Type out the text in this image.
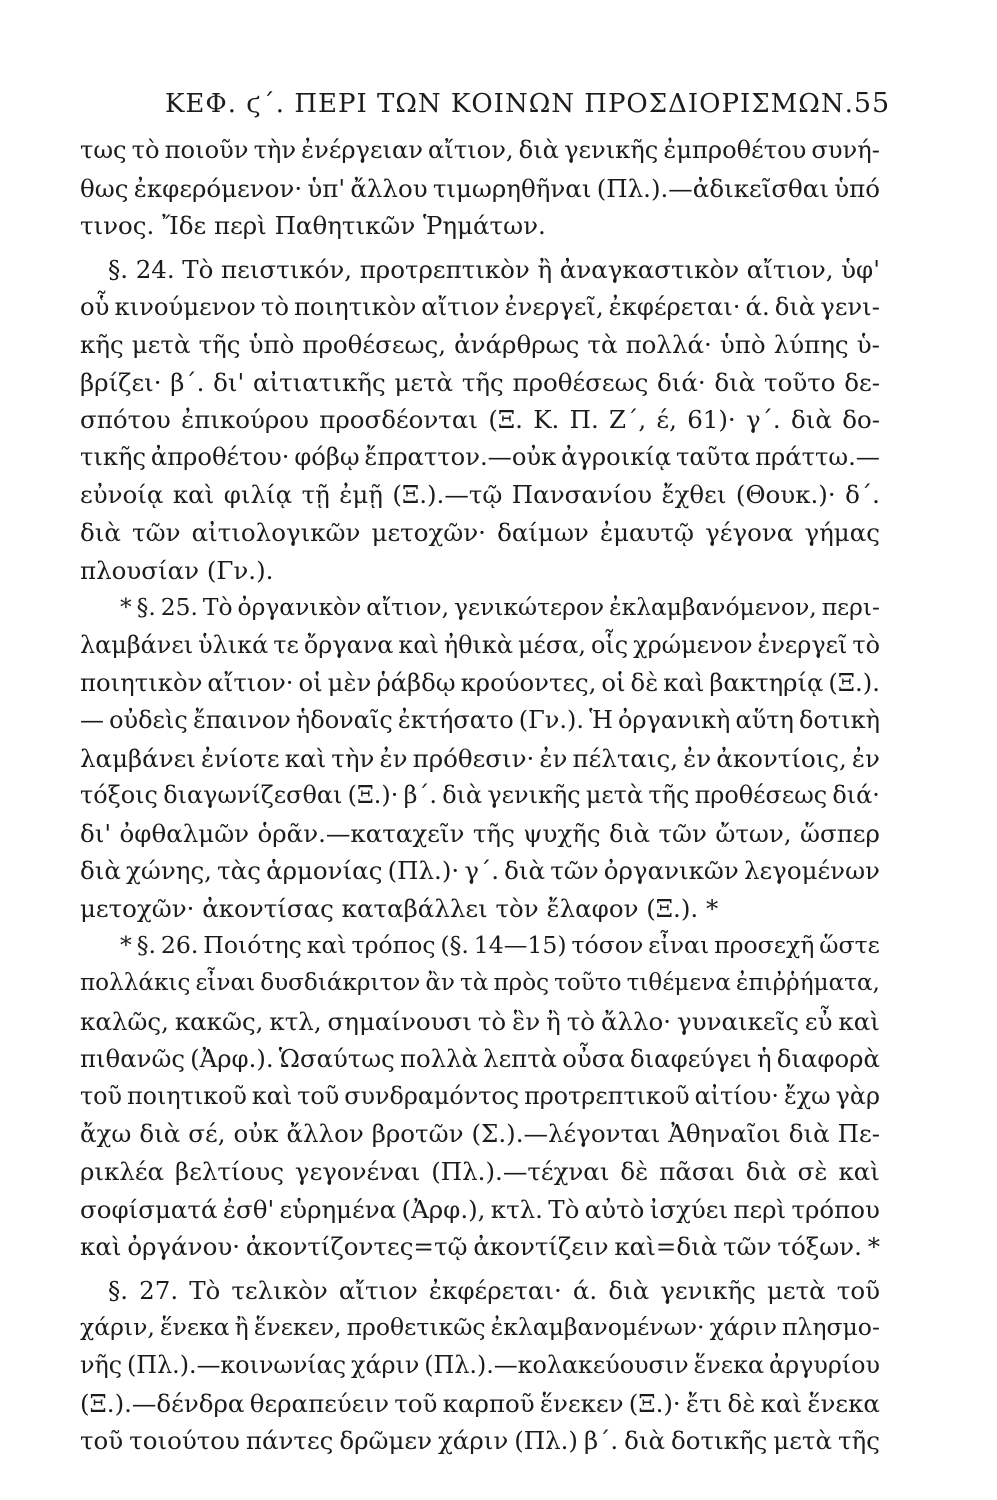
ΚΕΦ. ϛ΄. ΠΕΡΙ ΤΩΝ ΚΟΙΝΩΝ ΠΡΟΣΔΙΟΡΙΣΜΩΝ. 55
τως τὸ ποιοῦν τὴν ἐνέργειαν αἴτιον, διὰ γενικῆς ἐμπροθέτου συνή-
θως ἐκφερόμενον· ὑπ' ἄλλου τιμωρηθῆναι (Πλ.).—ἀδικεῖσθαι ὑπό
τινος. Ἴδε περὶ Παθητικῶν Ῥημάτων.
§. 24. Τὸ πειστικόν, προτρεπτικὸν ἢ ἀναγκαστικὸν αἴτιον, ὑφ'
οὗ κινούμενον τὸ ποιητικὸν αἴτιον ἐνεργεῖ, ἐκφέρεται· ά. διὰ γενι-
κῆς μετὰ τῆς ὑπὸ προθέσεως, ἀνάρθρως τὰ πολλά· ὑπὸ λύπης ὑ-
βρίζει· β΄. δι' αἰτιατικῆς μετὰ τῆς προθέσεως διά· διὰ τοῦτο δε-
σπότου ἐπικούρου προσδέονται (Ξ. Κ. Π. Ζ΄, έ, 61)· γ΄. διὰ δο-
τικῆς ἀπροθέτου· φόβῳ ἔπραττον.—οὐκ ἀγροικίᾳ ταῦτα πράττω.—
εὐνοίᾳ καὶ φιλίᾳ τῇ ἐμῇ (Ξ.).—τῷ Πανσανίου ἔχθει (Θουκ.)· δ΄.
διὰ τῶν αἰτιολογικῶν μετοχῶν· δαίμων ἐμαυτῷ γέγονα γήμας
πλουσίαν (Γν.).
* §. 25. Τὸ ὀργανικὸν αἴτιον, γενικώτερον ἐκλαμβανόμενον, περι-
λαμβάνει ὑλικά τε ὄργανα καὶ ἠθικὰ μέσα, οἷς χρώμενον ἐνεργεῖ τὸ
ποιητικὸν αἴτιον· οἱ μὲν ῥάβδῳ κρούοντες, οἱ δὲ καὶ βακτηρίᾳ (Ξ.).
— οὐδεὶς ἔπαινον ἡδοναῖς ἐκτήσατο (Γν.). Ἡ ὀργανικὴ αὕτη δοτικὴ
λαμβάνει ἐνίοτε καὶ τὴν ἐν πρόθεσιν· ἐν πέλταις, ἐν ἀκοντίοις, ἐν
τόξοις διαγωνίζεσθαι (Ξ.)· β΄. διὰ γενικῆς μετὰ τῆς προθέσεως διά·
δι' ὀφθαλμῶν ὁρᾶν.—καταχεῖν τῆς ψυχῆς διὰ τῶν ὤτων, ὥσπερ
διὰ χώνης, τὰς ἁρμονίας (Πλ.)· γ΄. διὰ τῶν ὀργανικῶν λεγομένων
μετοχῶν· ἀκοντίσας καταβάλλει τὸν ἔλαφον (Ξ.). *
* §. 26. Ποιότης καὶ τρόπος (§. 14—15) τόσον εἶναι προσεχῆ ὥστε
πολλάκις εἶναι δυσδιάκριτον ἂν τὰ πρὸς τοῦτο τιθέμενα ἐπιῤῥήματα,
καλῶς, κακῶς, κτλ, σημαίνουσι τὸ ἓν ἢ τὸ ἄλλο· γυναικεῖς εὖ καὶ
πιθανῶς (Ἀρφ.). Ὡσαύτως πολλὰ λεπτὰ οὖσα διαφεύγει ἡ διαφορὰ
τοῦ ποιητικοῦ καὶ τοῦ συνδραμόντος προτρεπτικοῦ αἰτίου· ἔχω γὰρ
ἄχω διὰ σέ, οὐκ ἄλλον βροτῶν (Σ.).—λέγονται Ἀθηναῖοι διὰ Πε-
ρικλέα βελτίους γεγονέναι (Πλ.).—τέχναι δὲ πᾶσαι διὰ σὲ καὶ
σοφίσματά ἐσθ' εὑρημένα (Ἀρφ.), κτλ. Τὸ αὐτὸ ἰσχύει περὶ τρόπου
καὶ ὀργάνου· ἀκοντίζοντες=τῷ ἀκοντίζειν καὶ=διὰ τῶν τόξων. *
§. 27. Τὸ τελικὸν αἴτιον ἐκφέρεται· ά. διὰ γενικῆς μετὰ τοῦ
χάριν, ἕνεκα ἢ ἕνεκεν, προθετικῶς ἐκλαμβανομένων· χάριν πλησμο-
νῆς (Πλ.).—κοινωνίας χάριν (Πλ.).—κολακεύουσιν ἕνεκα ἀργυρίου
(Ξ.).—δένδρα θεραπεύειν τοῦ καρποῦ ἕνεκεν (Ξ.)· ἔτι δὲ καὶ ἕνεκα
τοῦ τοιούτου πάντες δρῶμεν χάριν (Πλ.) β΄. διὰ δοτικῆς μετὰ τῆς
